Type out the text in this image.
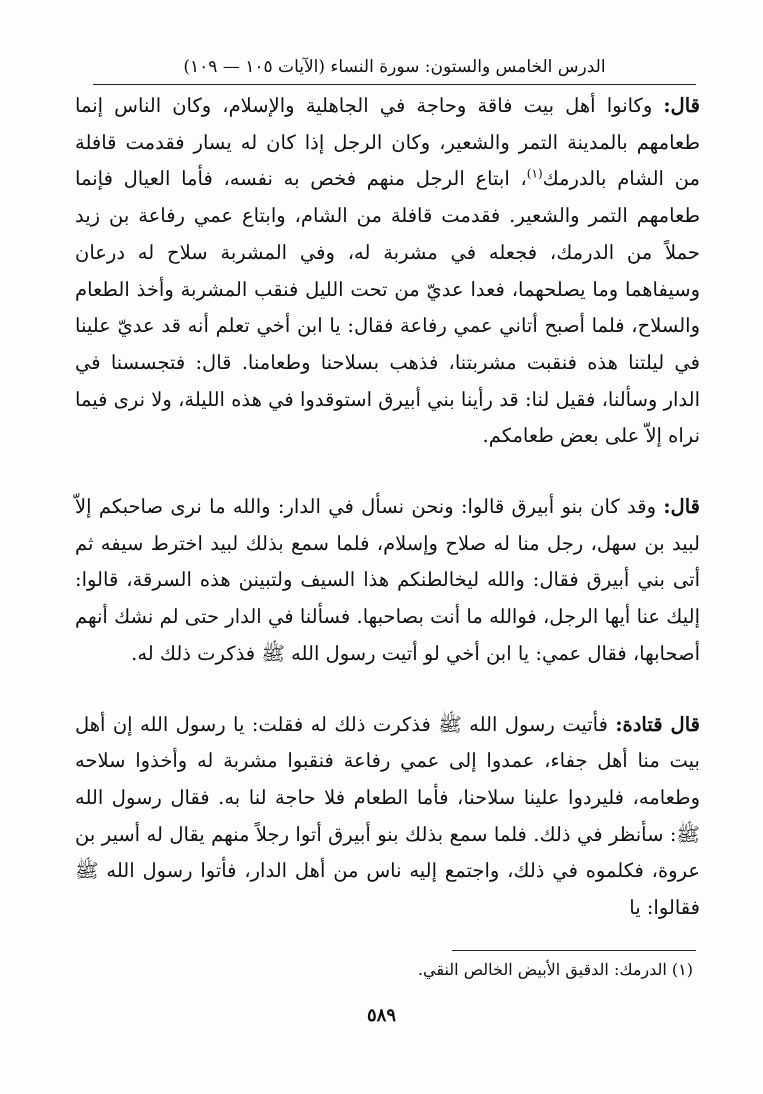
الدرس الخامس والستون: سورة النساء (الآيات ١٠٥ — ١٠٩)

قال: وكانوا أهل بيت فاقة وحاجة في الجاهلية والإسلام، وكان الناس إنما طعامهم بالمدينة التمر والشعير، وكان الرجل إذا كان له يسار فقدمت قافلة من الشام بالدرمك$^{(١)}$، ابتاع الرجل منهم فخص به نفسه، فأما العيال فإنما طعامهم التمر والشعير. فقدمت قافلة من الشام، وابتاع عمي رفاعة بن زيد حملاً من الدرمك، فجعله في مشربة له، وفي المشربة سلاح له درعان وسيفاهما وما يصلحهما، فعدا عديّ من تحت الليل فنقب المشربة وأخذ الطعام والسلاح، فلما أصبح أتاني عمي رفاعة فقال: يا ابن أخي تعلم أنه قد عديّ علينا في ليلتنا هذه فنقبت مشربتنا، فذهب بسلاحنا وطعامنا. قال: فتجسسنا في الدار وسألنا، فقيل لنا: قد رأينا بني أبيرق استوقدوا في هذه الليلة، ولا نرى فيما نراه إلاّ على بعض طعامكم.

قال: وقد كان بنو أبيرق قالوا: ونحن نسأل في الدار: والله ما نرى صاحبكم إلاّ لبيد بن سهل، رجل منا له صلاح وإسلام، فلما سمع بذلك لبيد اخترط سيفه ثم أتى بني أبيرق فقال: والله ليخالطنكم هذا السيف ولتبينن هذه السرقة، قالوا: إليك عنا أيها الرجل، فوالله ما أنت بصاحبها. فسألنا في الدار حتى لم نشك أنهم أصحابها، فقال عمي: يا ابن أخي لو أتيت رسول الله ﷺ فذكرت ذلك له.

قال قتادة: فأتيت رسول الله ﷺ فذكرت ذلك له فقلت: يا رسول الله إن أهل بيت منا أهل جفاء، عمدوا إلى عمي رفاعة فنقبوا مشربة له وأخذوا سلاحه وطعامه، فليردوا علينا سلاحنا، فأما الطعام فلا حاجة لنا به. فقال رسول الله ﷺ: سأنظر في ذلك. فلما سمع بذلك بنو أبيرق أتوا رجلاً منهم يقال له أسير بن عروة، فكلموه في ذلك، واجتمع إليه ناس من أهل الدار، فأتوا رسول الله ﷺ فقالوا: يا

(١) الدرمك: الدقيق الأبيض الخالص النقي.
٥٨٩
